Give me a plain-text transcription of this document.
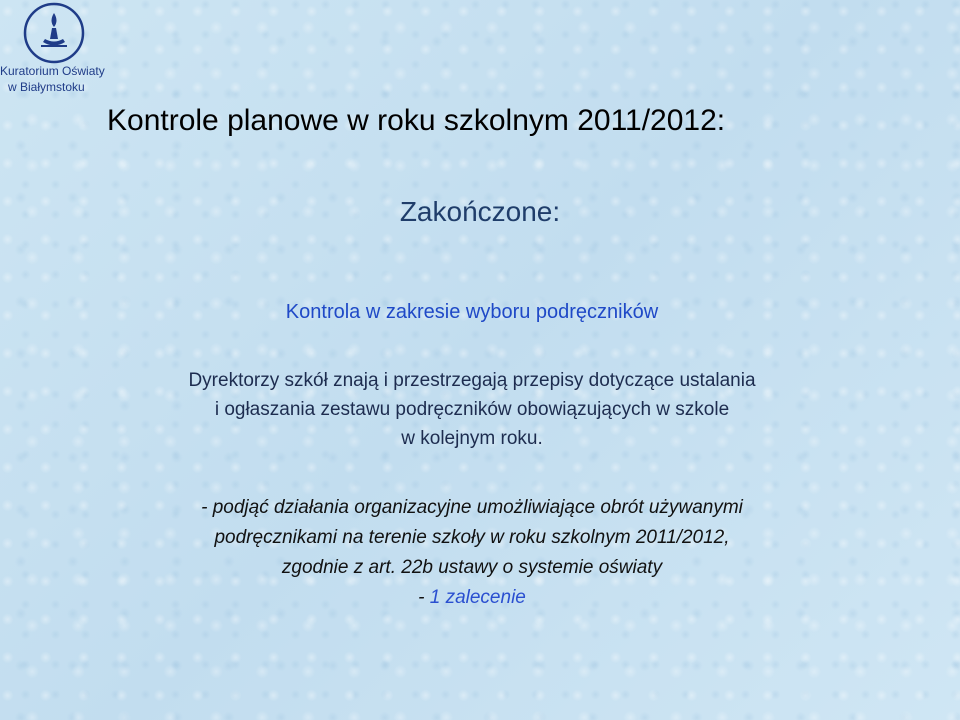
Kuratorium Oświaty
w Białymstoku
Kontrole planowe w roku szkolnym 2011/2012:
Zakończone:
Kontrola w zakresie wyboru podręczników
Dyrektorzy szkół znają i przestrzegają przepisy dotyczące ustalania
i ogłaszania zestawu podręczników obowiązujących w szkole
w kolejnym roku.
- podjąć działania organizacyjne umożliwiające obrót używanymi
podręcznikami na terenie szkoły w roku szkolnym 2011/2012,
zgodnie z art. 22b ustawy o systemie oświaty
- 1 zalecenie
